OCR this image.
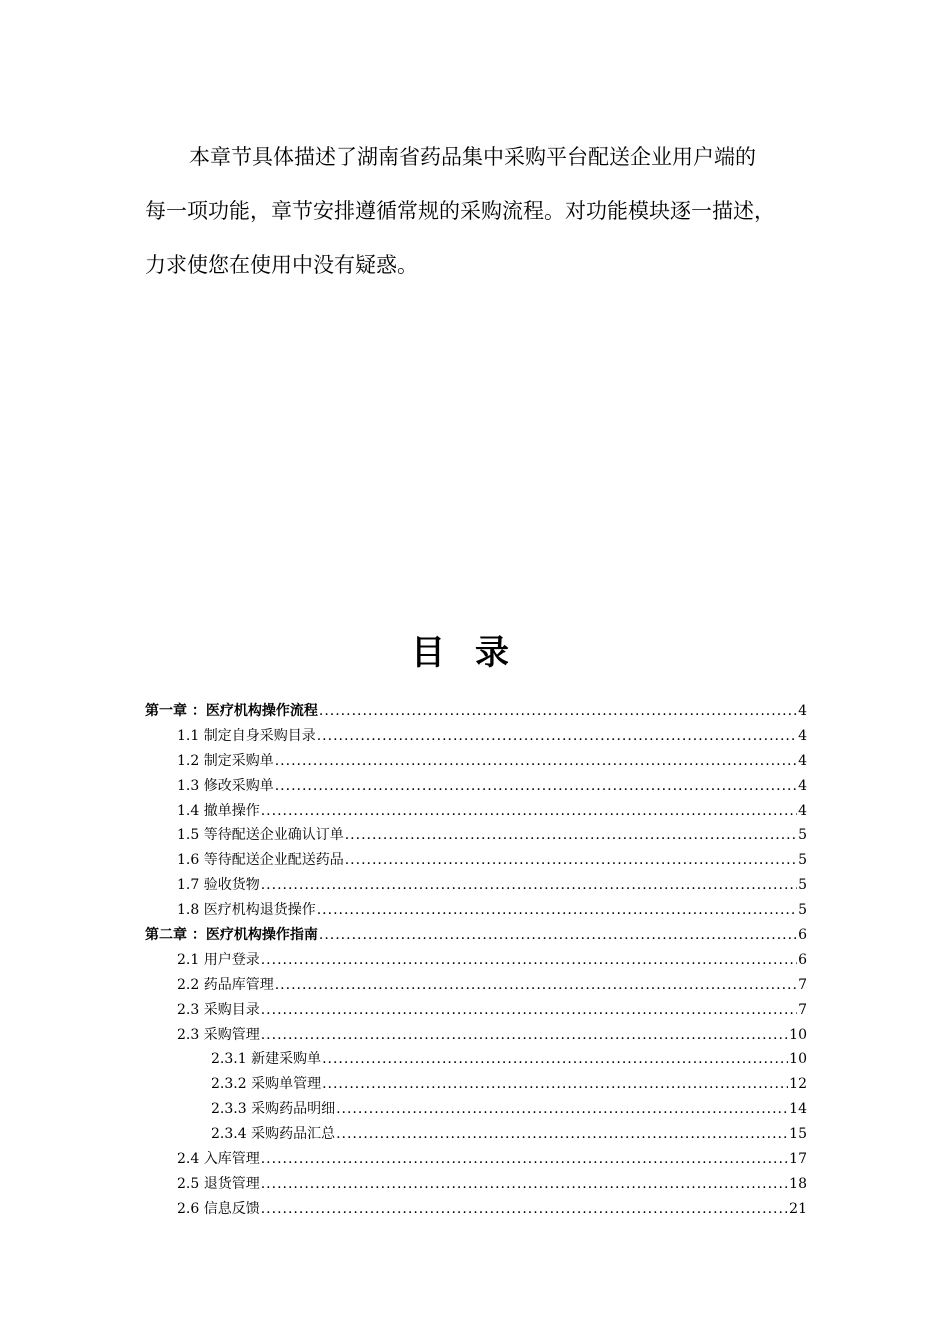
本章节具体描述了湖南省药品集中采购平台配送企业用户端的
每一项功能，章节安排遵循常规的采购流程。对功能模块逐一描述，
力求使您在使用中没有疑惑。

目录
第一章 ：医疗机构操作流程 .....	4
1.1 制定自身采购目录 .....	4
1.2 制定采购单 .....	4
1.3 修改采购单 .....	4
1.4 撤单操作 .....	4
1.5 等待配送企业确认订单 .....	5
1.6 等待配送企业配送药品 .....	5
1.7 验收货物 .....	5
1.8 医疗机构退货操作 .....	5
第二章 ：医疗机构操作指南 .....	6
2.1 用户登录 .....	6
2.2 药品库管理 .....	7
2.3 采购目录 .....	7
2.3 采购管理 .....	10
2.3.1 新建采购单 .....	10
2.3.2 采购单管理 .....	12
2.3.3 采购药品明细 .....	14
2.3.4 采购药品汇总 .....	15
2.4 入库管理 .....	17
2.5 退货管理 .....	18
2.6 信息反馈 .....	21
